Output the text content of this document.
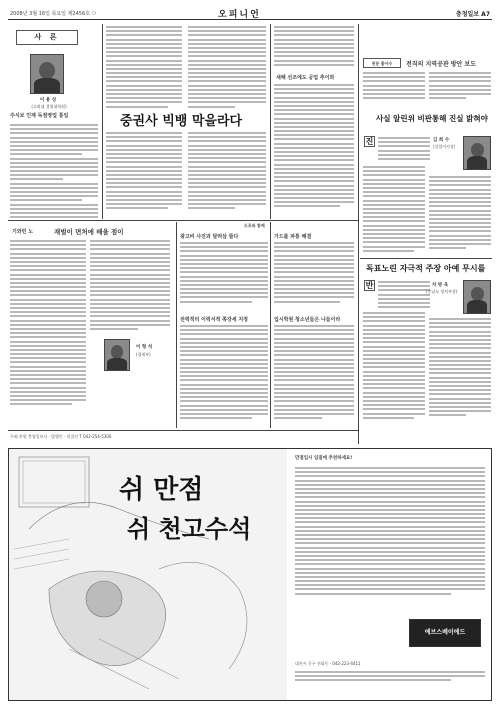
2008년 3월 16일 목요일 제2456호 ㅁ	오피니언	충청일보 A7
사 론
이 용 성
(고려대 경영대학원)
주식보 인재 독점영업 통일	중권사 빅뱅 막을라다
새해 선조에도 공업 추이와
전문 좋아수	전직의 지역공관 방안 보도
사실 알린위 비판통해 진실 밝혀야
진	김 희 수
(상업이사장)
독표노린 자극적 주장 아예 무시를
반	차 방 욱
(충남도 정치부장)
기와런 노	재벌이 면처에 배울 점이
이 형 석
(경제부)
도포와 함께
광고비 사진과 달려삼 뜰다
전력적리 이력서적 쪽강세 지정
가드를 파통 해결
입시학원 청소년들은 나들이라
주최·후원 충청일보사 · 발행인 · 편집인 T 042-254-5300
쉬 만점
쉬 천고수석
만점입시 입질에 추천하세요!
에브스베이에드
대전시 중구 선화동 · 042-223-4411
